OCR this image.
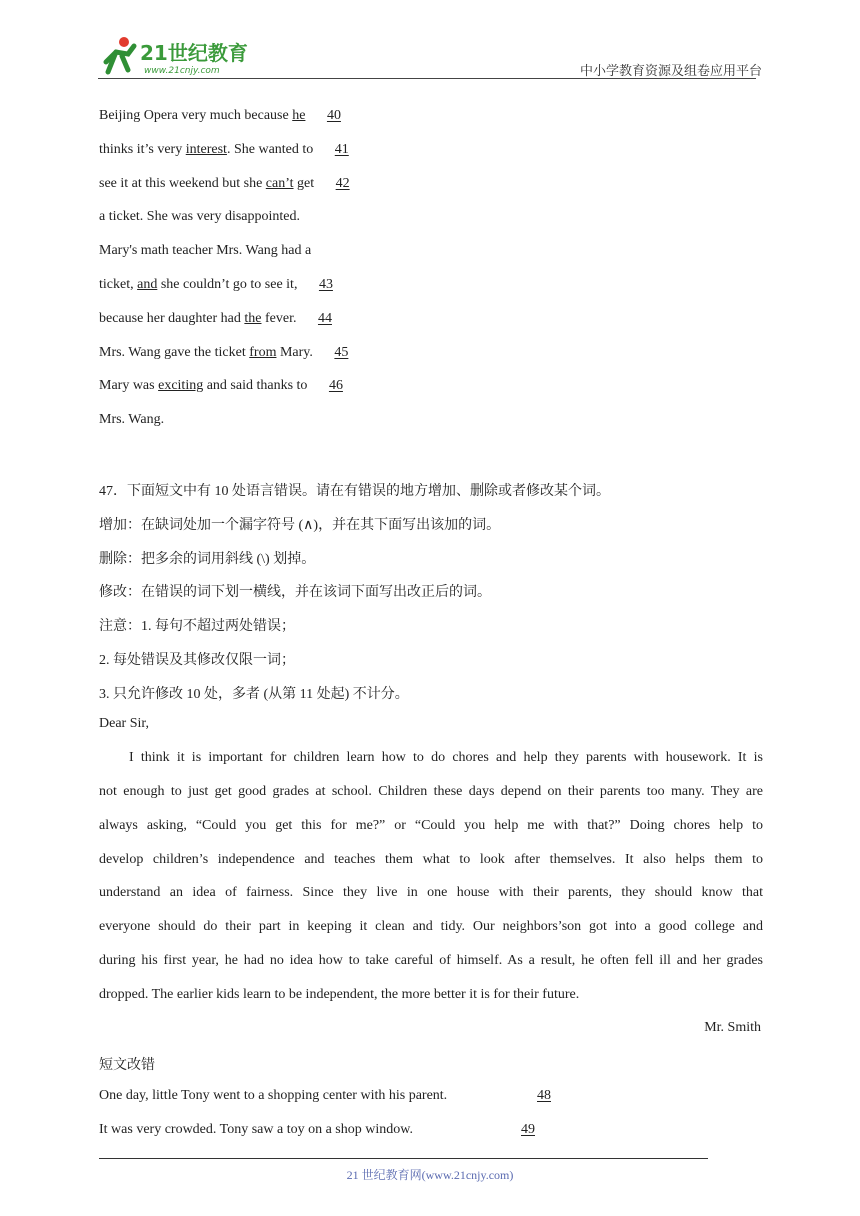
21世纪教育
www.21cnjy.com	中小学教育资源及组卷应用平台
Beijing Opera very much because he 40
thinks it’s very interest. She wanted to 41
see it at this weekend but she can’t get 42
a ticket. She was very disappointed.
Mary's math teacher Mrs. Wang had a
ticket, and she couldn’t go to see it, 43
because her daughter had the fever. 44
Mrs. Wang gave the ticket from Mary. 45
Mary was exciting and said thanks to 46
Mrs. Wang.
47．下面短文中有 10 处语言错误。请在有错误的地方增加、删除或者修改某个词。
增加：在缺词处加一个漏字符号 (∧)，并在其下面写出该加的词。
删除：把多余的词用斜线 (\) 划掉。
修改：在错误的词下划一横线，并在该词下面写出改正后的词。
注意：1. 每句不超过两处错误；
2. 每处错误及其修改仅限一词；
3. 只允许修改 10 处，多者 (从第 11 处起) 不计分。
Dear Sir,
I think it is important for children learn how to do chores and help they parents with housework. It is
not enough to just get good grades at school. Children these days depend on their parents too many. They are
always asking, “Could you get this for me?” or “Could you help me with that?” Doing chores help to
develop children’s independence and teaches them what to look after themselves. It also helps them to
understand an idea of fairness. Since they live in one house with their parents, they should know that
everyone should do their part in keeping it clean and tidy. Our neighbors’son got into a good college and
during his first year, he had no idea how to take careful of himself. As a result, he often fell ill and her grades
dropped. The earlier kids learn to be independent, the more better it is for their future.
Mr. Smith
短文改错
One day, little Tony went to a shopping center with his parent.	48
It was very crowded. Tony saw a toy on a shop window.	49
21 世纪教育网(www.21cnjy.com)
